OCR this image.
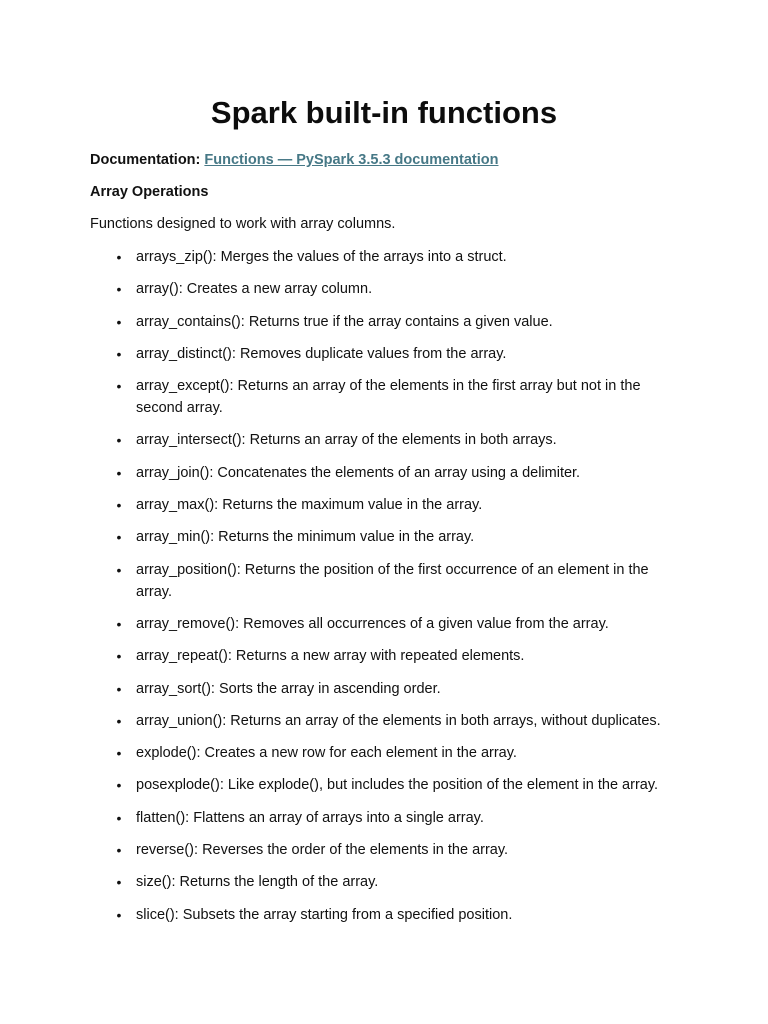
Spark built-in functions

Documentation: Functions — PySpark 3.5.3 documentation

Array Operations

Functions designed to work with array columns.

• arrays_zip(): Merges the values of the arrays into a struct.
• array(): Creates a new array column.
• array_contains(): Returns true if the array contains a given value.
• array_distinct(): Removes duplicate values from the array.
• array_except(): Returns an array of the elements in the first array but not in the second array.
• array_intersect(): Returns an array of the elements in both arrays.
• array_join(): Concatenates the elements of an array using a delimiter.
• array_max(): Returns the maximum value in the array.
• array_min(): Returns the minimum value in the array.
• array_position(): Returns the position of the first occurrence of an element in the array.
• array_remove(): Removes all occurrences of a given value from the array.
• array_repeat(): Returns a new array with repeated elements.
• array_sort(): Sorts the array in ascending order.
• array_union(): Returns an array of the elements in both arrays, without duplicates.
• explode(): Creates a new row for each element in the array.
• posexplode(): Like explode(), but includes the position of the element in the array.
• flatten(): Flattens an array of arrays into a single array.
• reverse(): Reverses the order of the elements in the array.
• size(): Returns the length of the array.
• slice(): Subsets the array starting from a specified position.
